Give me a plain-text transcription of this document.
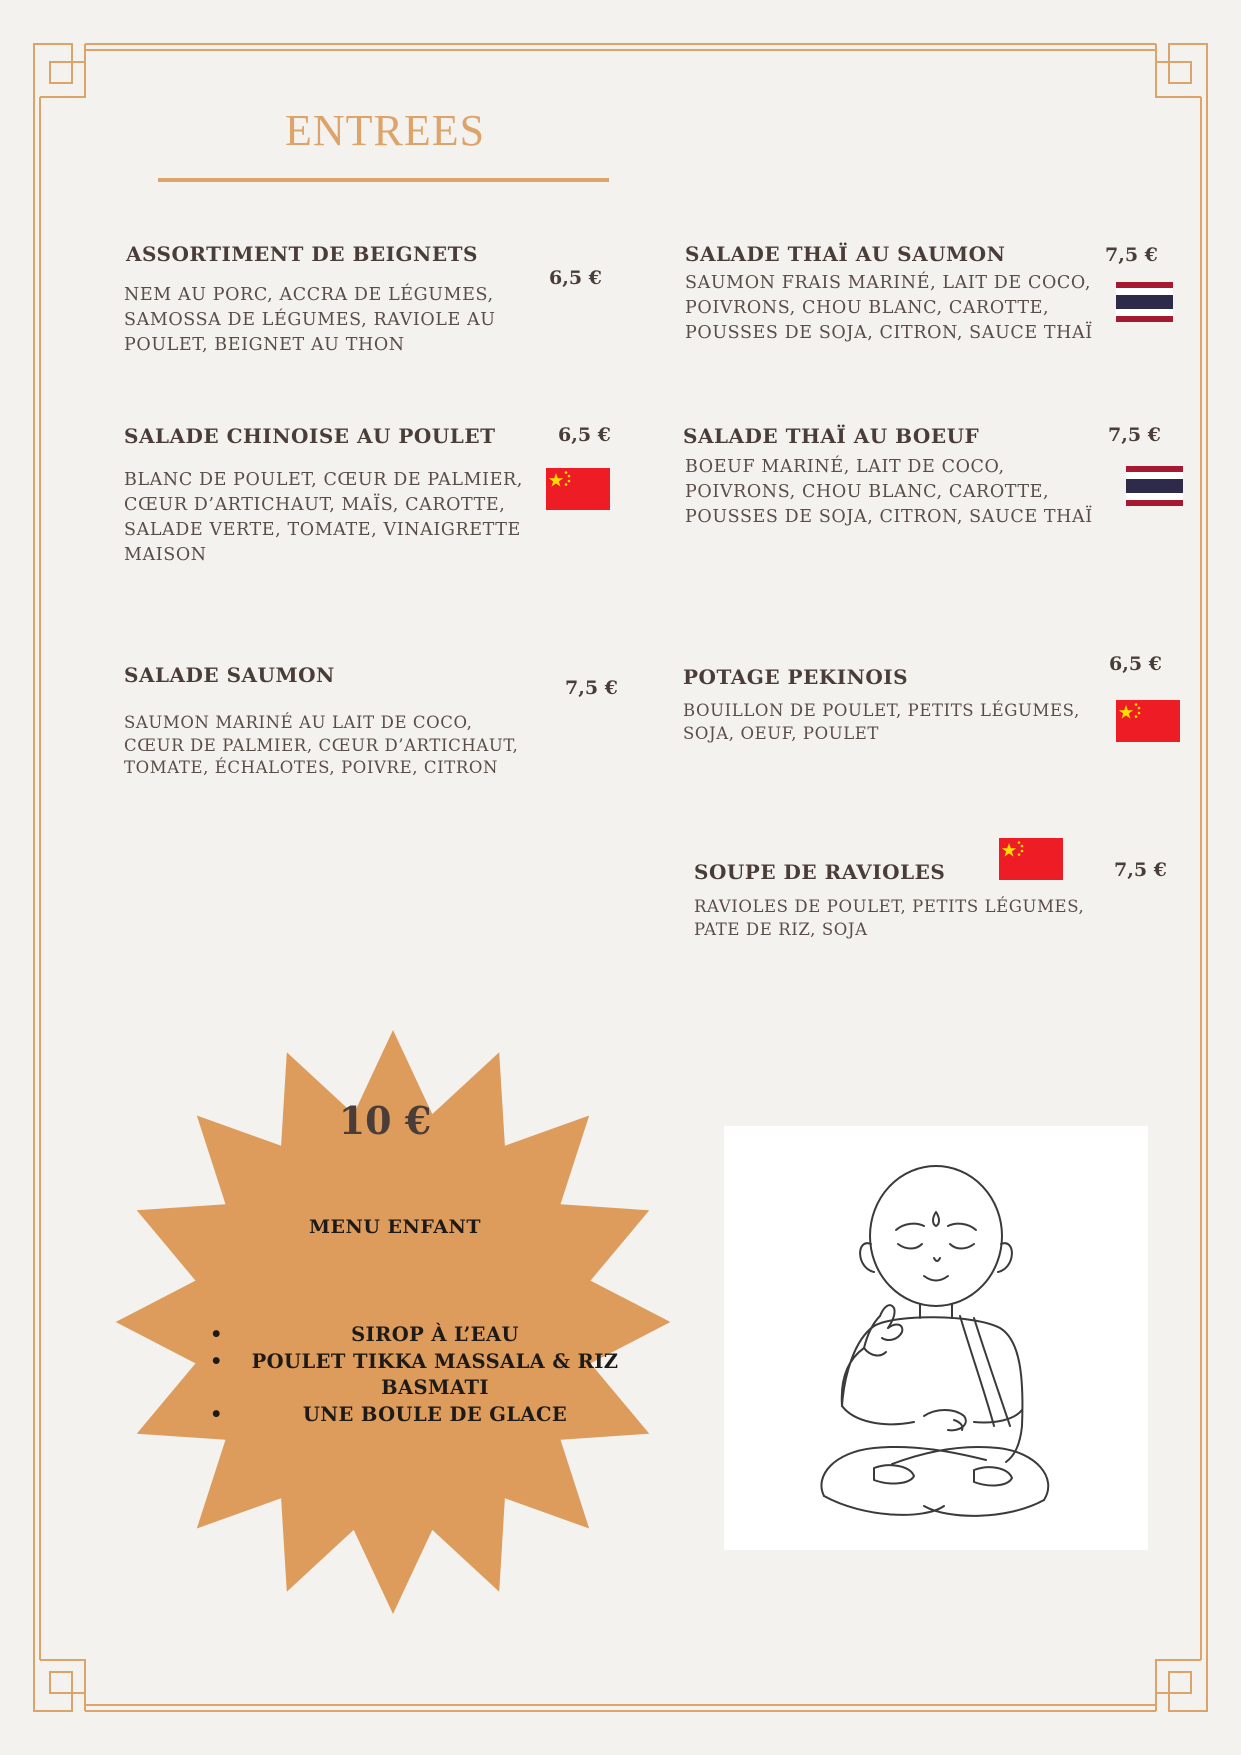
ENTREES
ASSORTIMENT DE BEIGNETS
NEM AU PORC, ACCRA DE LÉGUMES,
SAMOSSA DE LÉGUMES, RAVIOLE AU
POULET, BEIGNET AU THON
6,5 €
SALADE THAÏ AU SAUMON
SAUMON FRAIS MARINÉ, LAIT DE COCO,
POIVRONS, CHOU BLANC, CAROTTE,
POUSSES DE SOJA, CITRON, SAUCE THAÏ
7,5 €
SALADE CHINOISE AU POULET
BLANC DE POULET, CŒUR DE PALMIER,
CŒUR D’ARTICHAUT, MAÏS, CAROTTE,
SALADE VERTE, TOMATE, VINAIGRETTE
MAISON
6,5 €	SALADE THAÏ AU BOEUF
BOEUF MARINÉ, LAIT DE COCO,
POIVRONS, CHOU BLANC, CAROTTE,
POUSSES DE SOJA, CITRON, SAUCE THAÏ
7,5 €
SALADE SAUMON
SAUMON MARINÉ AU LAIT DE COCO,
CŒUR DE PALMIER, CŒUR D’ARTICHAUT,
TOMATE, ÉCHALOTES, POIVRE, CITRON
7,5 €	POTAGE PEKINOIS
BOUILLON DE POULET, PETITS LÉGUMES,
SOJA, OEUF, POULET
6,5 €
SOUPE DE RAVIOLES
RAVIOLES DE POULET, PETITS LÉGUMES,
PATE DE RIZ, SOJA
7,5 €
10 €
MENU ENFANT
•	SIROP À L’EAU
• POULET TIKKA MASSALA & RIZ BASMATI
•	UNE BOULE DE GLACE
